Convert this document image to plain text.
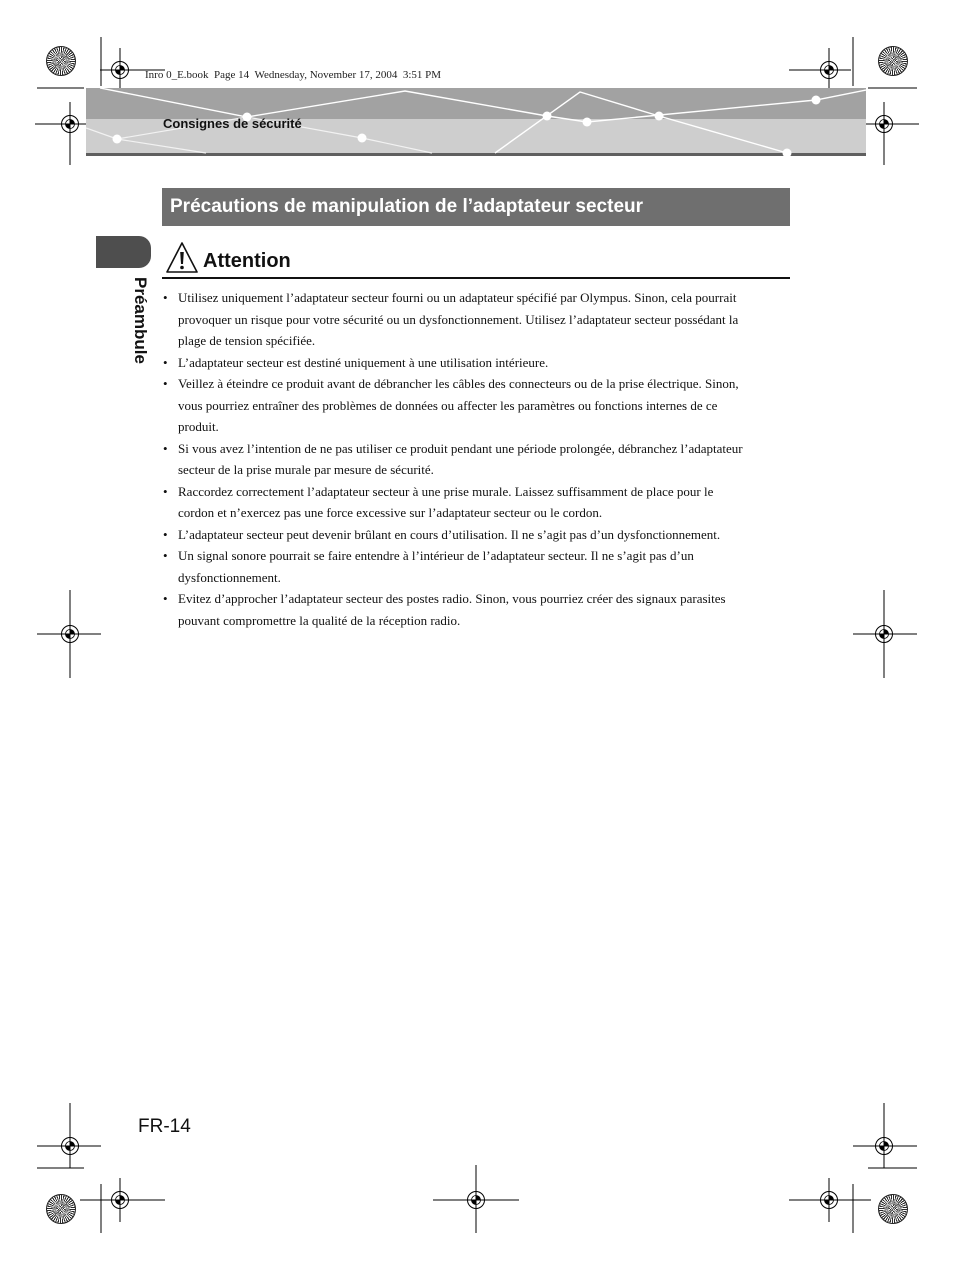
Inro 0_E.book  Page 14  Wednesday, November 17, 2004  3:51 PM
Consignes de sécurité
Précautions de manipulation de l’adaptateur secteur
Préambule
Attention
• Utilisez uniquement l’adaptateur secteur fourni ou un adaptateur spécifié par Olympus. Sinon, cela pourrait
provoquer un risque pour votre sécurité ou un dysfonctionnement. Utilisez l’adaptateur secteur possédant la
plage de tension spécifiée.
• L’adaptateur secteur est destiné uniquement à une utilisation intérieure.
• Veillez à éteindre ce produit avant de débrancher les câbles des connecteurs ou de la prise électrique. Sinon,
vous pourriez entraîner des problèmes de données ou affecter les paramètres ou fonctions internes de ce
produit.
• Si vous avez l’intention de ne pas utiliser ce produit pendant une période prolongée, débranchez l’adaptateur
secteur de la prise murale par mesure de sécurité.
• Raccordez correctement l’adaptateur secteur à une prise murale. Laissez suffisamment de place pour le
cordon et n’exercez pas une force excessive sur l’adaptateur secteur ou le cordon.
• L’adaptateur secteur peut devenir brûlant en cours d’utilisation. Il ne s’agit pas d’un dysfonctionnement.
• Un signal sonore pourrait se faire entendre à l’intérieur de l’adaptateur secteur. Il ne s’agit pas d’un
dysfonctionnement.
• Evitez d’approcher l’adaptateur secteur des postes radio. Sinon, vous pourriez créer des signaux parasites
pouvant compromettre la qualité de la réception radio.
FR-14
